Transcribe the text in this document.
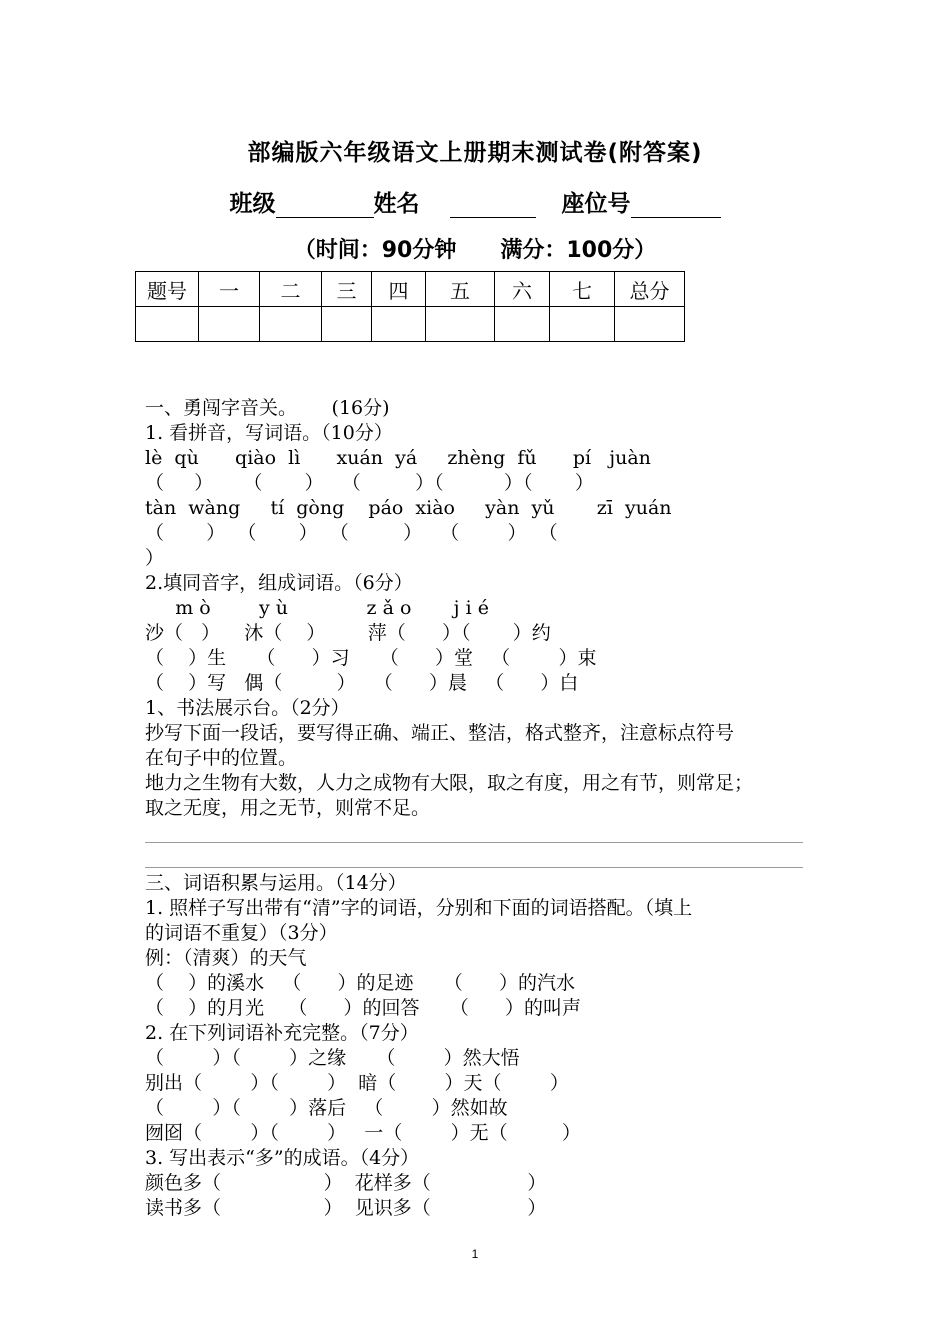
部编版六年级语文上册期末测试卷(附答案)
班级	姓名	座位号
（时间：90分钟　　满分：100分）
题号	一	二	三	四	五	六	七	总分

一、勇闯字音关。　　 (16分)
1. 看拼音，写词语。（10分）
lè  qù      qiào  lì      xuán  yá     zhèng  fǔ      pí   juàn
（     ）     （       ）   （         ）（          ）（       ）
tàn  wàng     tí  gòng    páo  xiào     yàn  yǔ       zī  yuán
（       ）  （       ）  （         ）   （        ）  （
）
2.填同音字，组成词语。（6分）
m ò        y ù             z ǎ o       j i é
沙（   ）    沐（    ）       萍（      ）（       ）约
（    ）生     （      ）习     （      ）堂   （        ）束
（    ）写   偶（         ）   （      ）晨   （      ）白
1、书法展示台。（2分）
抄写下面一段话，要写得正确、端正、整洁，格式整齐，注意标点符号
在句子中的位置。
地力之生物有大数，人力之成物有大限，取之有度，用之有节，则常足；
取之无度，用之无节，则常不足。
三、词语积累与运用。（14分）
1. 照样子写出带有“清”字的词语，分别和下面的词语搭配。（填上
的词语不重复）（3分）
例：（清爽）的天气
（    ）的溪水   （      ）的足迹     （      ）的汽水
（    ）的月光    （      ）的回答     （      ）的叫声
2. 在下列词语补充完整。（7分）
（        ）（        ）之缘     （        ）然大悟
别出（        ）（        ）  暗（        ）天（        ）
（        ）（        ）落后   （        ）然如故
囫囵（        ）（        ）   一（        ）无（         ）
3. 写出表示“多”的成语。（4分）
颜色多（                 ）  花样多（                ）
读书多（                 ）  见识多（                ）
1
